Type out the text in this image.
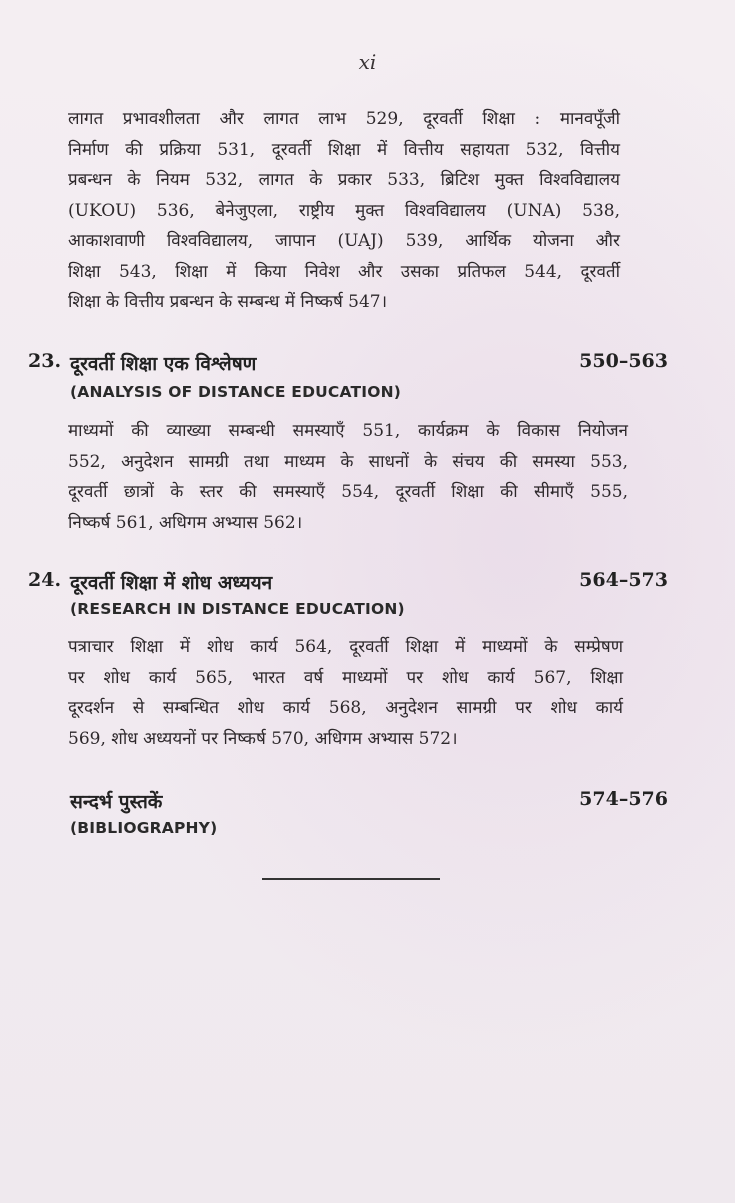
xi
लागत प्रभावशीलता और लागत लाभ 529, दूरवर्ती शिक्षा : मानवपूँजी
निर्माण की प्रक्रिया 531, दूरवर्ती शिक्षा में वित्तीय सहायता 532, वित्तीय
प्रबन्धन के नियम 532, लागत के प्रकार 533, ब्रिटिश मुक्त विश्वविद्यालय
(UKOU) 536, बेनेजुएला, राष्ट्रीय मुक्त विश्वविद्यालय (UNA) 538,
आकाशवाणी विश्वविद्यालय, जापान (UAJ) 539, आर्थिक योजना और
शिक्षा 543, शिक्षा में किया निवेश और उसका प्रतिफल 544, दूरवर्ती
शिक्षा के वित्तीय प्रबन्धन के सम्बन्ध में निष्कर्ष 547।
23. दूरवर्ती शिक्षा एक विश्लेषण	550–563
(ANALYSIS OF DISTANCE EDUCATION)
माध्यमों की व्याख्या सम्बन्धी समस्याएँ 551, कार्यक्रम के विकास नियोजन
552, अनुदेशन सामग्री तथा माध्यम के साधनों के संचय की समस्या 553,
दूरवर्ती छात्रों के स्तर की समस्याएँ 554, दूरवर्ती शिक्षा की सीमाएँ 555,
निष्कर्ष 561, अधिगम अभ्यास 562।
24. दूरवर्ती शिक्षा में शोध अध्ययन	564–573
(RESEARCH IN DISTANCE EDUCATION)
पत्राचार शिक्षा में शोध कार्य 564, दूरवर्ती शिक्षा में माध्यमों के सम्प्रेषण
पर शोध कार्य 565, भारत वर्ष माध्यमों पर शोध कार्य 567, शिक्षा
दूरदर्शन से सम्बन्धित शोध कार्य 568, अनुदेशन सामग्री पर शोध कार्य
569, शोध अध्ययनों पर निष्कर्ष 570, अधिगम अभ्यास 572।
सन्दर्भ पुस्तकें	574–576
(BIBLIOGRAPHY)
